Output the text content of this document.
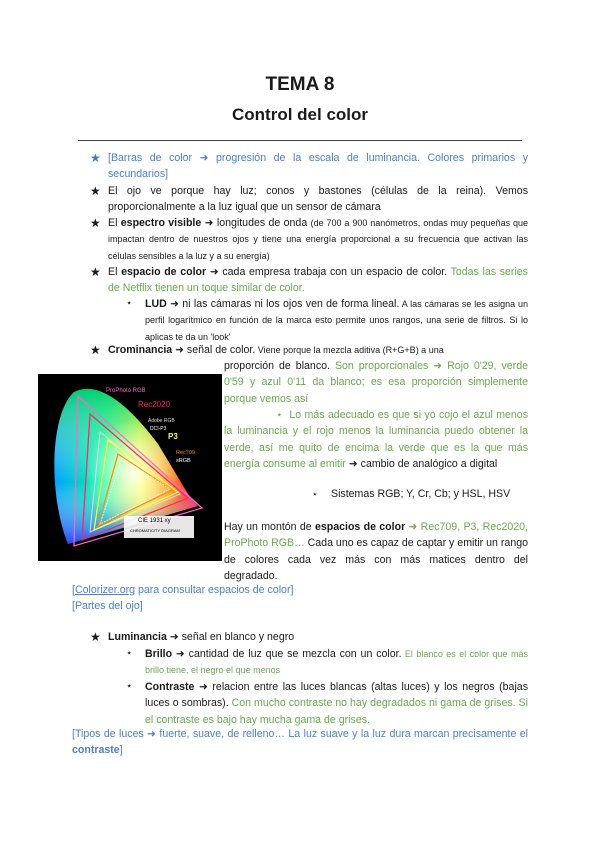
TEMA 8
Control del color
★ [Barras de color ➜ progresión de la escala de luminancia. Colores primarios y secundarios]
★ El ojo ve porque hay luz; conos y bastones (células de la reina). Vemos proporcionalmente a la luz igual que un sensor de cámara
★ El espectro visible ➜ longitudes de onda (de 700 a 900 nanómetros, ondas muy pequeñas que impactan dentro de nuestros ojos y tiene una energía proporcional a su frecuencia que activan las células sensibles a la luz y a su energía)
★ El espacio de color ➜ cada empresa trabaja con un espacio de color. Todas las series de Netflix tienen un toque similar de color.
⋆ LUD ➜ ni las cámaras ni los ojos ven de forma lineal. A las cámaras se les asigna un perfil logarítmico en función de la marca esto permite unos rangos, una serie de filtros. Si lo aplicas te da un 'look'
★ Crominancia ➜ señal de color. Viene porque la mezcla aditiva (R+G+B) a una
proporción de blanco. Son proporcionales ➜ Rojo 0'29, verde 0'59 y azul 0'11 da blanco; es esa proporción simplemente porque vemos así
⋆ Lo más adecuado es que si yo cojo el azul menos la luminancia y el rojo menos la luminancia puedo obtener la verde, así me quito de encima la verde que es la que más energía consume al emitir ➜ cambio de analógico a digital
⋆ Sistemas RGB; Y, Cr, Cb; y HSL, HSV
Hay un montón de espacios de color ➜ Rec709, P3, Rec2020, ProPhoto RGB… Cada uno es capaz de captar y emitir un rango de colores cada vez más con más matices dentro del degradado.
ProPhoto RGB
Rec2020
Adobe RGB
DCI-P3
P3
Rec709
sRGB
CIE 1931 xy
CHROMATICITY DIAGRAM
[Colorizer.org para consultar espacios de color]
[Partes del ojo]
★ Luminancia ➜ señal en blanco y negro
⋆ Brillo ➜ cantidad de luz que se mezcla con un color. El blanco es el color que más brillo tiene, el negro el que menos
⋆ Contraste ➜ relacion entre las luces blancas (altas luces) y los negros (bajas luces o sombras). Con mucho contraste no hay degradados ni gama de grises. Si el contraste es bajo hay mucha gama de grises.
[Tipos de luces ➜ fuerte, suave, de relleno… La luz suave y la luz dura marcan precisamente el contraste]
